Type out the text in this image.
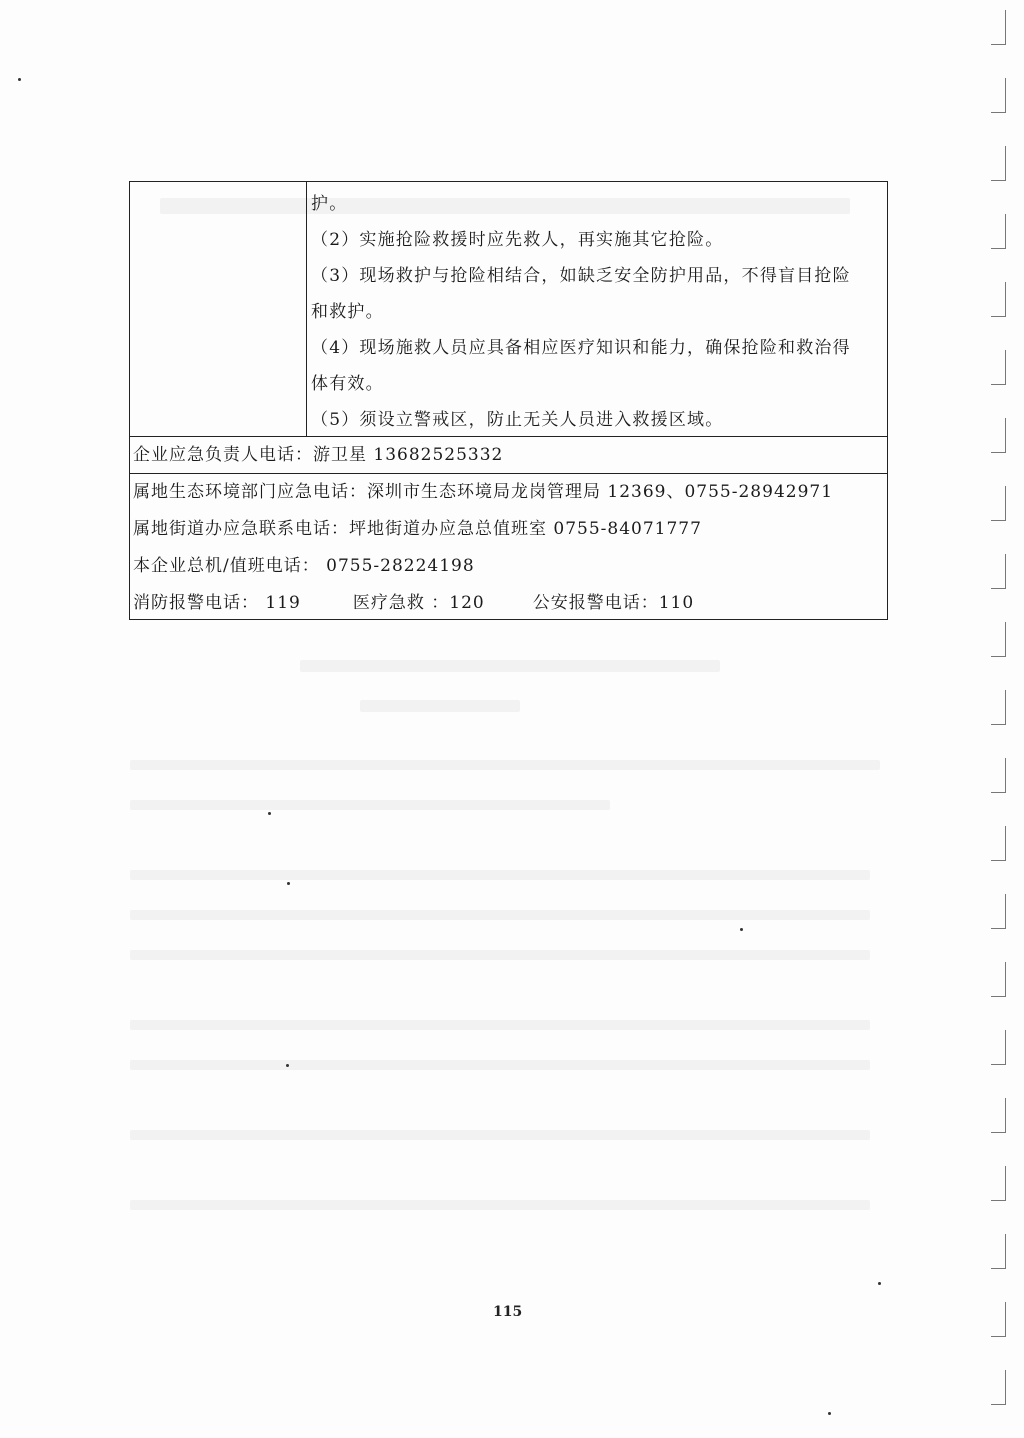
护。
（2）实施抢险救援时应先救人，再实施其它抢险。
（3）现场救护与抢险相结合，如缺乏安全防护用品，不得盲目抢险
和救护。
（4）现场施救人员应具备相应医疗知识和能力，确保抢险和救治得
体有效。
（5）须设立警戒区，防止无关人员进入救援区域。
企业应急负责人电话：游卫星 13682525332
属地生态环境部门应急电话：深圳市生态环境局龙岗管理局 12369、0755-28942971
属地街道办应急联系电话：坪地街道办应急总值班室 0755-84071777
本企业总机/值班电话： 0755-28224198
消防报警电话： 119	医疗急救 ：120	公安报警电话：110
115
